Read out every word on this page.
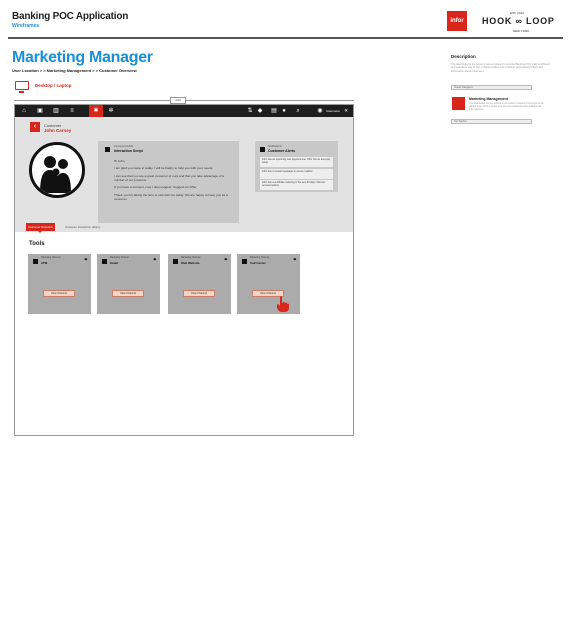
Banking POC Application
Wireframes
infor
EST. 2013
HOOK ∞ LOOP
NEW YORK
Marketing Manager
User Location > > Marketing Management > > Customer Overview
Desktop / Laptop
1024
⌂ ▣ ▥ ≡	✱ ✲	⇅ ◆ ▤ ● ⌕	◉	Username «
‹	Customer
John Carney
Customer Details
Interaction Script

Hi John,

I am glad you came in today. I will be happy to help you with your needs.

I can see that you are a great customer of ours and that you take advantage of a number of our products.

If you have a moment, may I also suggest: Suggest An Offer

Thank you for taking the time to visit with me today. We are happy to have you as a customer.

Notifications
Customer Alerts
John has an upcoming loan payment due. Offer him an auto-pay setup.
John has 2 unread messages in secure mailbox.
John has a certificate maturing in the next 30 days. Discuss renewal options.
Customer Overview	Customer Interaction History
Tools
Marketing Channel
ATM	⚭
View Channel
Marketing Channel
Email	⚭
View Channel
Marketing Channel
Web Website	⚭
View Channel
Marketing Channel
Call Center	⚭
View Channel
Description
The dashboard is the primary view employed to provide Banking POC staff an efficient and seamless way to see multiple profiles and to deliver personalized offers and information about customers.
Header Navigation
Marketing Management
The dashboard can be viewed in two states. Customer Overview is the default view. Click a Channel to see the marketing tools available for that customer.
Tool Section
